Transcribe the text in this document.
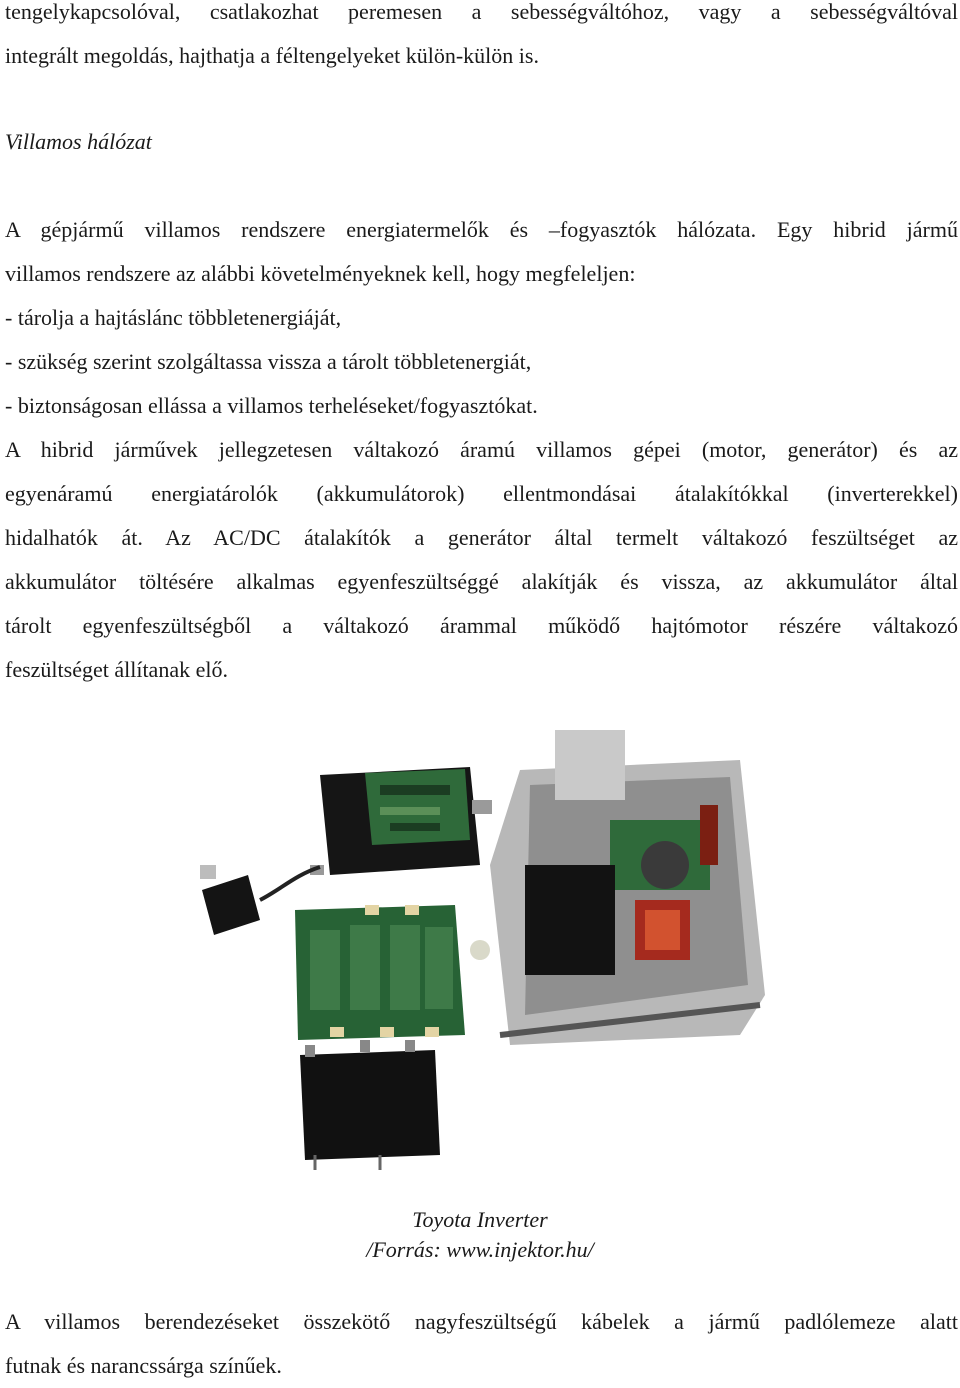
tengelykapcsolóval, csatlakozhat peremesen a sebességváltóhoz, vagy a sebességváltóval

integrált megoldás, hajthatja a féltengelyeket külön-külön is.

Villamos hálózat

A gépjármű villamos rendszere energiatermelők és –fogyasztók hálózata. Egy hibrid jármű

villamos rendszere az alábbi követelményeknek kell, hogy megfeleljen:

- tárolja a hajtáslánc többletenergiáját,

- szükség szerint szolgáltassa vissza a tárolt többletenergiát,

- biztonságosan ellássa a villamos terheléseket/fogyasztókat.

A hibrid járművek jellegzetesen váltakozó áramú villamos gépei (motor, generátor) és az

egyenáramú energiatárolók (akkumulátorok) ellentmondásai átalakítókkal (inverterekkel)

hidalhatók át. Az AC/DC átalakítók a generátor által termelt váltakozó feszültséget az

akkumulátor töltésére alkalmas egyenfeszültséggé alakítják és vissza, az akkumulátor által

tárolt egyenfeszültségből a váltakozó árammal működő hajtómotor részére váltakozó

feszültséget állítanak elő.

Toyota Inverter
/Forrás: www.injektor.hu/

A villamos berendezéseket összekötő nagyfeszültségű kábelek a jármű padlólemeze alatt

futnak és narancssárga színűek.
